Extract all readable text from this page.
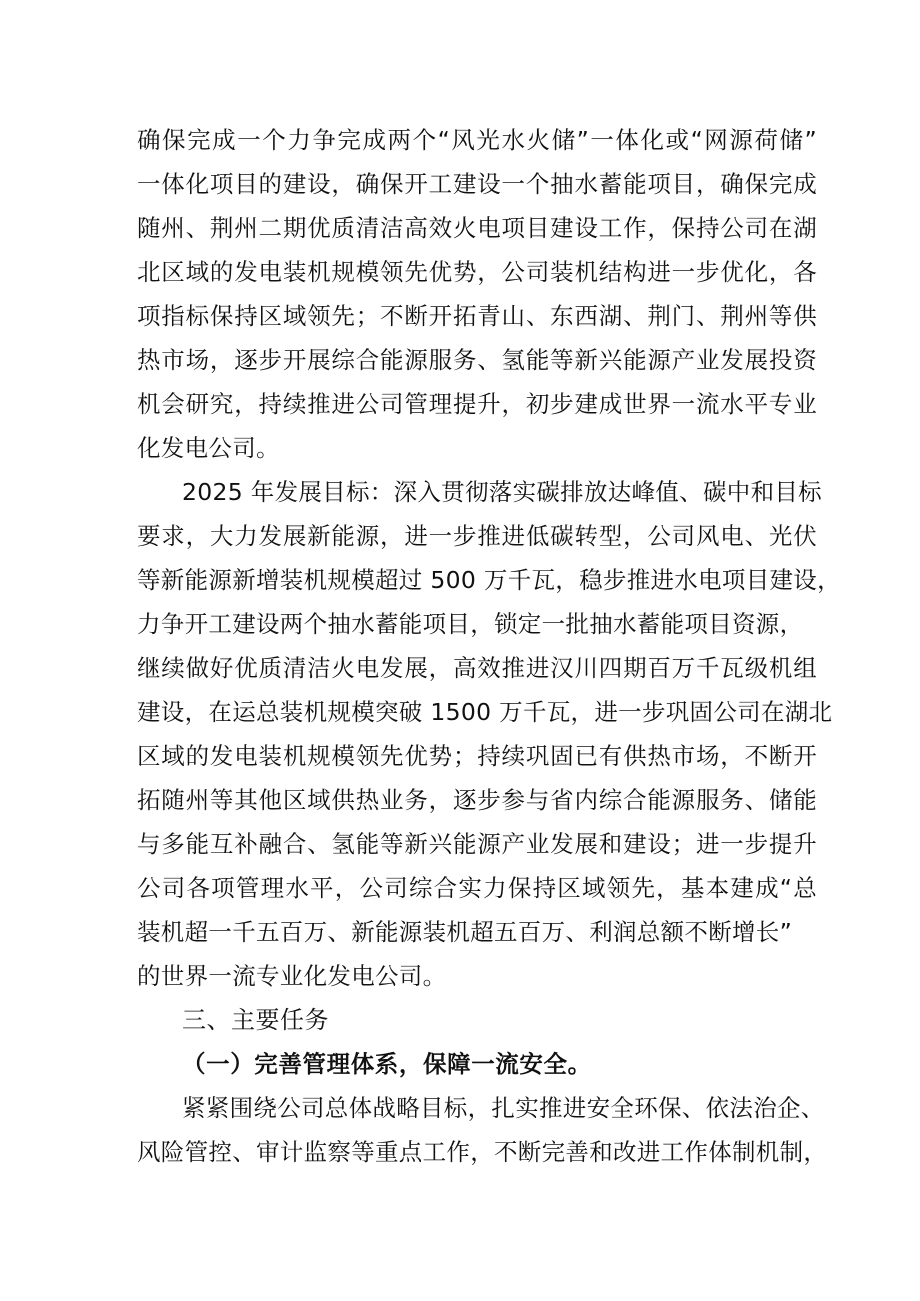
确保完成一个力争完成两个“风光水火储”一体化或“网源荷储”
一体化项目的建设，确保开工建设一个抽水蓄能项目，确保完成
随州、荆州二期优质清洁高效火电项目建设工作，保持公司在湖
北区域的发电装机规模领先优势，公司装机结构进一步优化，各
项指标保持区域领先；不断开拓青山、东西湖、荆门、荆州等供
热市场，逐步开展综合能源服务、氢能等新兴能源产业发展投资
机会研究，持续推进公司管理提升，初步建成世界一流水平专业
化发电公司。
2025 年发展目标：深入贯彻落实碳排放达峰值、碳中和目标
要求，大力发展新能源，进一步推进低碳转型，公司风电、光伏
等新能源新增装机规模超过 500 万千瓦，稳步推进水电项目建设，
力争开工建设两个抽水蓄能项目，锁定一批抽水蓄能项目资源，
继续做好优质清洁火电发展，高效推进汉川四期百万千瓦级机组
建设，在运总装机规模突破 1500 万千瓦，进一步巩固公司在湖北
区域的发电装机规模领先优势；持续巩固已有供热市场，不断开
拓随州等其他区域供热业务，逐步参与省内综合能源服务、储能
与多能互补融合、氢能等新兴能源产业发展和建设；进一步提升
公司各项管理水平，公司综合实力保持区域领先，基本建成“总
装机超一千五百万、新能源装机超五百万、利润总额不断增长”
的世界一流专业化发电公司。
三、主要任务
（一）完善管理体系，保障一流安全。
紧紧围绕公司总体战略目标，扎实推进安全环保、依法治企、
风险管控、审计监察等重点工作，不断完善和改进工作体制机制，
